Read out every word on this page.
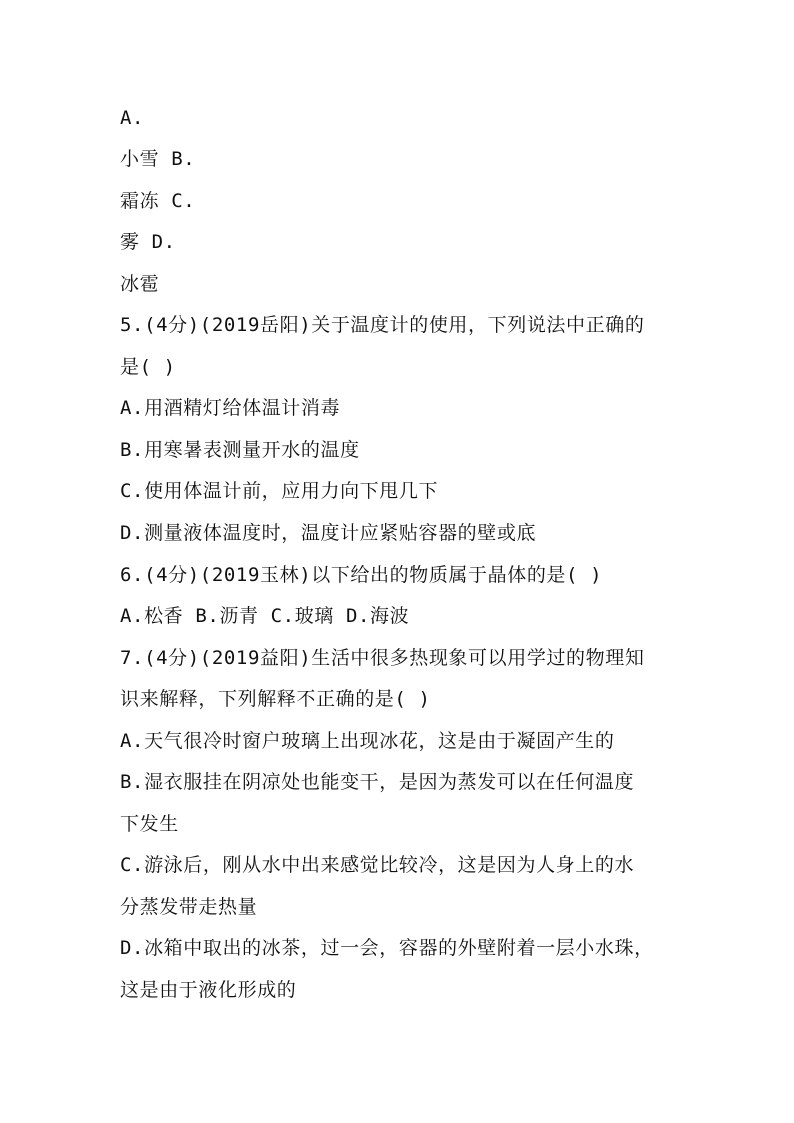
A.
小雪 B.
霜冻 C.
雾 D.
冰雹
5.(4分)(2019岳阳)关于温度计的使用，下列说法中正确的
是( )
A.用酒精灯给体温计消毒
B.用寒暑表测量开水的温度
C.使用体温计前，应用力向下甩几下
D.测量液体温度时，温度计应紧贴容器的壁或底
6.(4分)(2019玉林)以下给出的物质属于晶体的是( )
A.松香 B.沥青 C.玻璃 D.海波
7.(4分)(2019益阳)生活中很多热现象可以用学过的物理知
识来解释，下列解释不正确的是( )
A.天气很冷时窗户玻璃上出现冰花，这是由于凝固产生的
B.湿衣服挂在阴凉处也能变干，是因为蒸发可以在任何温度
下发生
C.游泳后，刚从水中出来感觉比较冷，这是因为人身上的水
分蒸发带走热量
D.冰箱中取出的冰茶，过一会，容器的外壁附着一层小水珠，
这是由于液化形成的
